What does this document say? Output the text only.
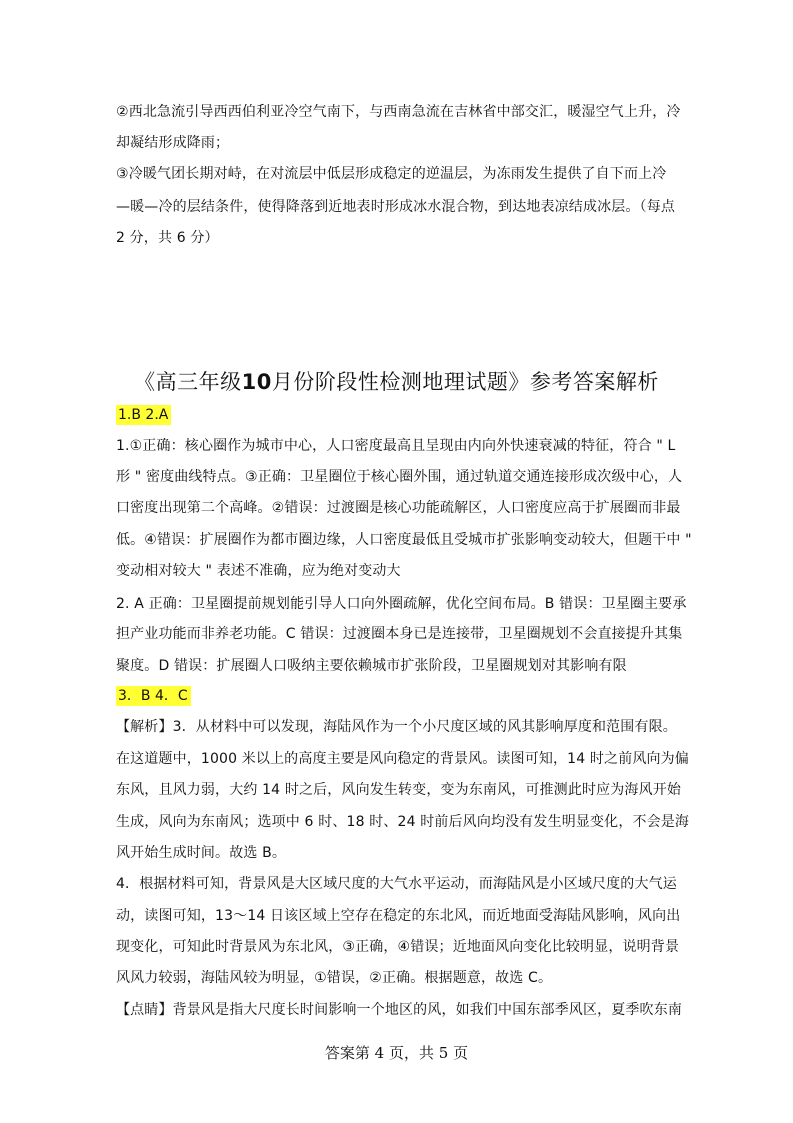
②西北急流引导西西伯利亚冷空气南下，与西南急流在吉林省中部交汇，暖湿空气上升，冷
却凝结形成降雨；
③冷暖气团长期对峙，在对流层中低层形成稳定的逆温层，为冻雨发生提供了自下而上冷
—暖—冷的层结条件，使得降落到近地表时形成冰水混合物，到达地表凉结成冰层。（每点
2 分，共 6 分）
《高三年级10月份阶段性检测地理试题》参考答案解析
1.B 2.A
1.①正确：核心圈作为城市中心，人口密度最高且呈现由内向外快速衰减的特征，符合 " L
形 " 密度曲线特点。③正确：卫星圈位于核心圈外围，通过轨道交通连接形成次级中心，人
口密度出现第二个高峰。②错误：过渡圈是核心功能疏解区，人口密度应高于扩展圈而非最
低。④错误：扩展圈作为都市圈边缘，人口密度最低且受城市扩张影响变动较大，但题干中 "
变动相对较大 " 表述不准确，应为绝对变动大
2. A 正确：卫星圈提前规划能引导人口向外圈疏解，优化空间布局。B 错误：卫星圈主要承
担产业功能而非养老功能。C 错误：过渡圈本身已是连接带，卫星圈规划不会直接提升其集
聚度。D 错误：扩展圈人口吸纳主要依赖城市扩张阶段，卫星圈规划对其影响有限
3．B 4．C
【解析】3．从材料中可以发现，海陆风作为一个小尺度区域的风其影响厚度和范围有限。
在这道题中，1000 米以上的高度主要是风向稳定的背景风。读图可知，14 时之前风向为偏
东风，且风力弱，大约 14 时之后，风向发生转变，变为东南风，可推测此时应为海风开始
生成，风向为东南风；选项中 6 时、18 时、24 时前后风向均没有发生明显变化，不会是海
风开始生成时间。故选 B。
4．根据材料可知，背景风是大区域尺度的大气水平运动，而海陆风是小区域尺度的大气运
动，读图可知，13～14 日该区域上空存在稳定的东北风，而近地面受海陆风影响，风向出
现变化，可知此时背景风为东北风，③正确，④错误；近地面风向变化比较明显，说明背景
风风力较弱，海陆风较为明显，①错误，②正确。根据题意，故选 C。
【点睛】背景风是指大尺度长时间影响一个地区的风，如我们中国东部季风区，夏季吹东南
答案第 4 页，共 5 页
